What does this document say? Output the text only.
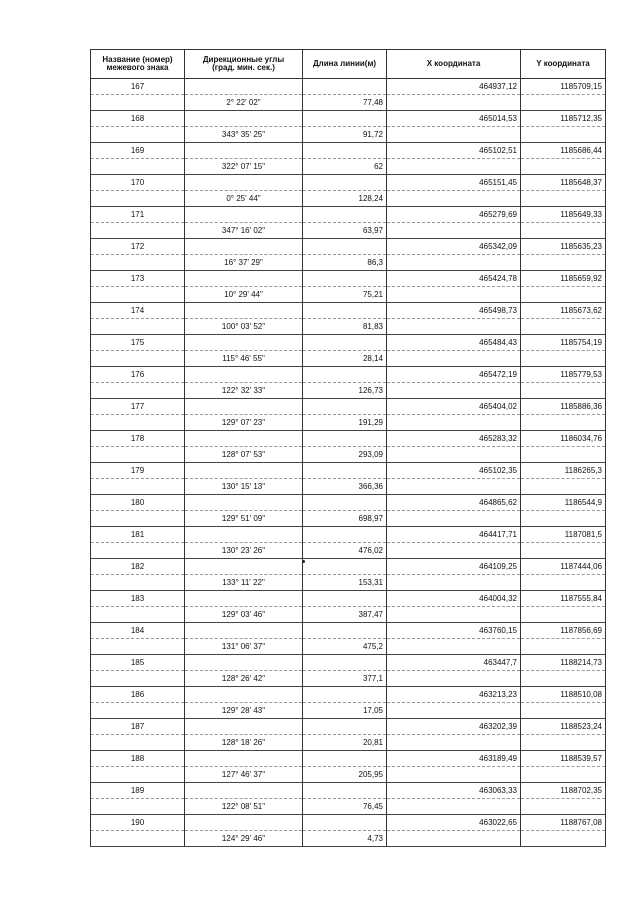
Название (номер)
межевого знака	Дирекционные углы
(град. мин. сек.)	Длина линии(м)	X координата	Y координата
167			464937,12	1185709,15
	2° 22' 02"	77,48		
168			465014,53	1185712,35
	343° 35' 25"	91,72		
169			465102,51	1185686,44
	322° 07' 15"	62		
170			465151,45	1185648,37
	0° 25' 44"	128,24		
171			465279,69	1185649,33
	347° 16' 02"	63,97		
172			465342,09	1185635,23
	16° 37' 29"	86,3		
173			465424,78	1185659,92
	10° 29' 44"	75,21		
174			465498,73	1185673,62
	100° 03' 52"	81,83		
175			465484,43	1185754,19
	115° 46' 55"	28,14		
176			465472,19	1185779,53
	122° 32' 33"	126,73		
177			465404,02	1185886,36
	129° 07' 23"	191,29		
178			465283,32	1186034,76
	128° 07' 53"	293,09		
179			465102,35	1186265,3
	130° 15' 13"	366,36		
180			464865,62	1186544,9
	129° 51' 09"	698,97		
181			464417,71	1187081,5
	130° 23' 26"	476,02		
182			464109,25	1187444,06
	133° 11' 22"	153,31		
183			464004,32	1187555,84
	129° 03' 46"	387,47		
184			463760,15	1187856,69
	131° 06' 37"	475,2		
185			463447,7	1188214,73
	128° 26' 42"	377,1		
186			463213,23	1188510,08
	129° 28' 43"	17,05		
187			463202,39	1188523,24
	128° 18' 26"	20,81		
188			463189,49	1188539,57
	127° 46' 37"	205,95		
189			463063,33	1188702,35
	122° 08' 51"	76,45		
190			463022,65	1188767,08
	124° 29' 46"	4,73		
